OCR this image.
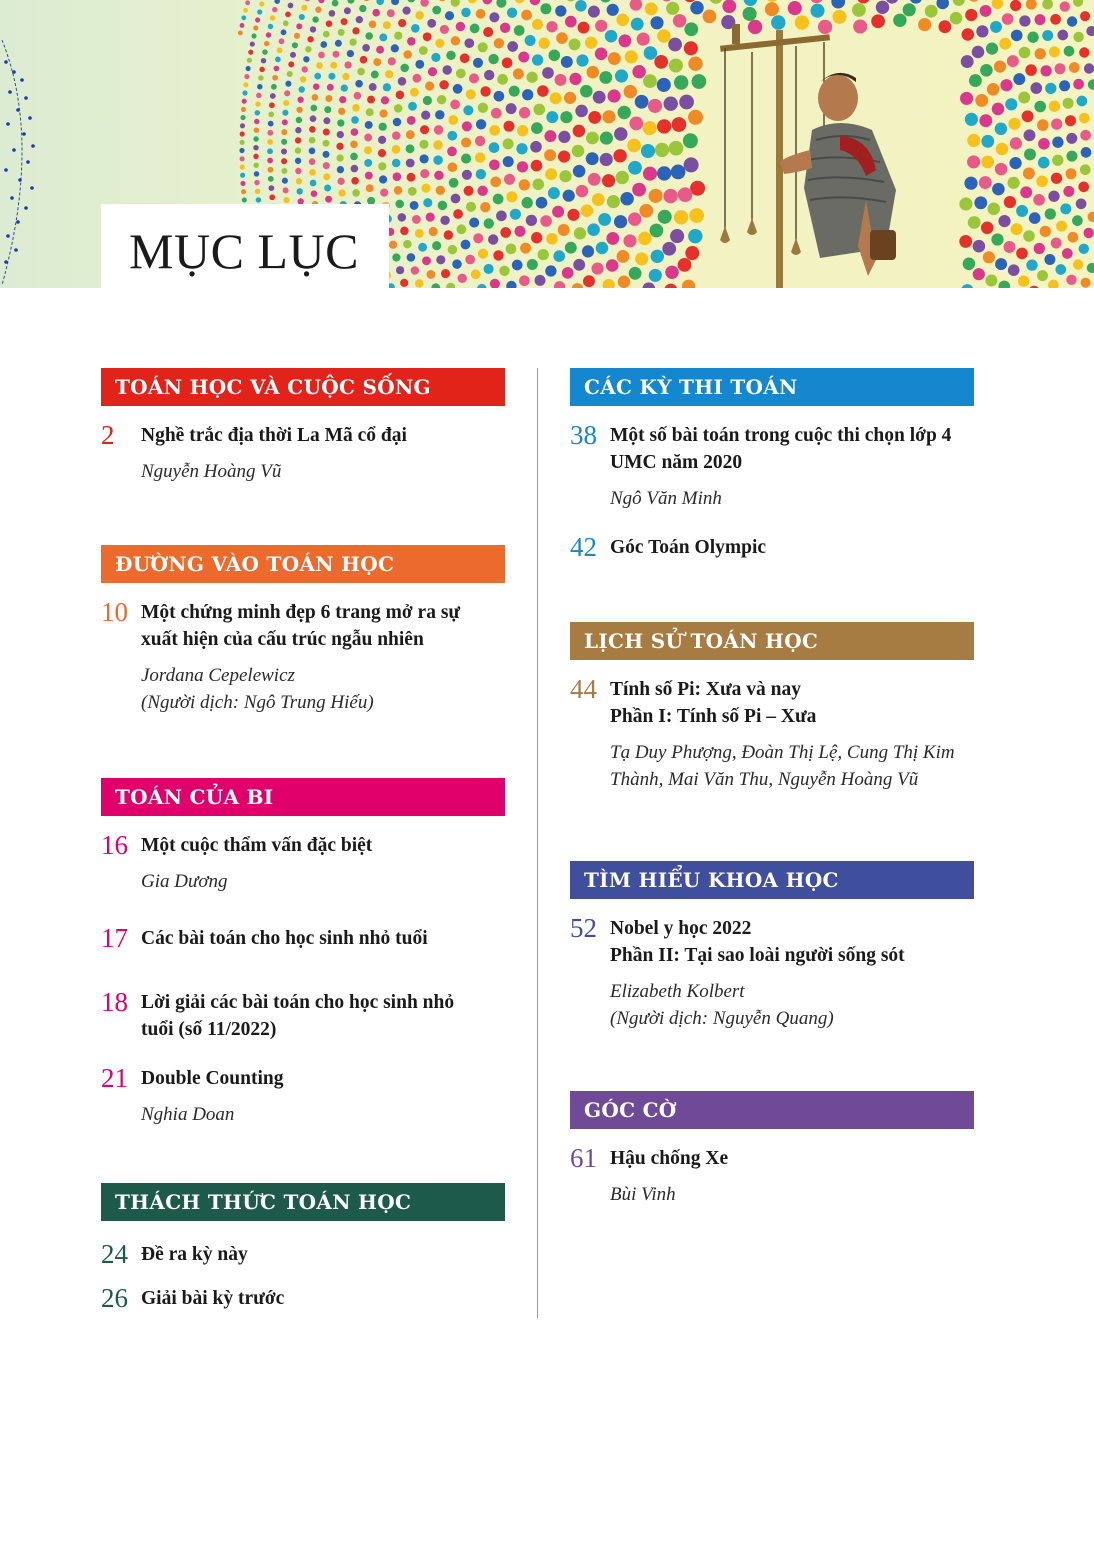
MỤC LỤC
TOÁN HỌC VÀ CUỘC SỐNG
2	Nghề trắc địa thời La Mã cổ đại
Nguyễn Hoàng Vũ
ĐƯỜNG VÀO TOÁN HỌC
10 Một chứng minh đẹp 6 trang mở ra sự xuất hiện của cấu trúc ngẫu nhiên
Jordana Cepelewicz
(Người dịch: Ngô Trung Hiếu)
TOÁN CỦA BI
16 Một cuộc thẩm vấn đặc biệt
Gia Dương
17 Các bài toán cho học sinh nhỏ tuổi
18 Lời giải các bài toán cho học sinh nhỏ tuổi (số 11/2022)
21 Double Counting
Nghia Doan
THÁCH THỨC TOÁN HỌC
24 Đề ra kỳ này
26 Giải bài kỳ trước
CÁC KỲ THI TOÁN
38 Một số bài toán trong cuộc thi chọn lớp 4 UMC năm 2020
Ngô Văn Minh
42 Góc Toán Olympic
LỊCH SỬ TOÁN HỌC
44 Tính số Pi: Xưa và nay
Phần I: Tính số Pi – Xưa
Tạ Duy Phượng, Đoàn Thị Lệ, Cung Thị Kim Thành, Mai Văn Thu, Nguyễn Hoàng Vũ
TÌM HIỂU KHOA HỌC
52 Nobel y học 2022
Phần II: Tại sao loài người sống sót
Elizabeth Kolbert
(Người dịch: Nguyễn Quang)
GÓC CỜ
61 Hậu chống Xe
Bùi Vinh
